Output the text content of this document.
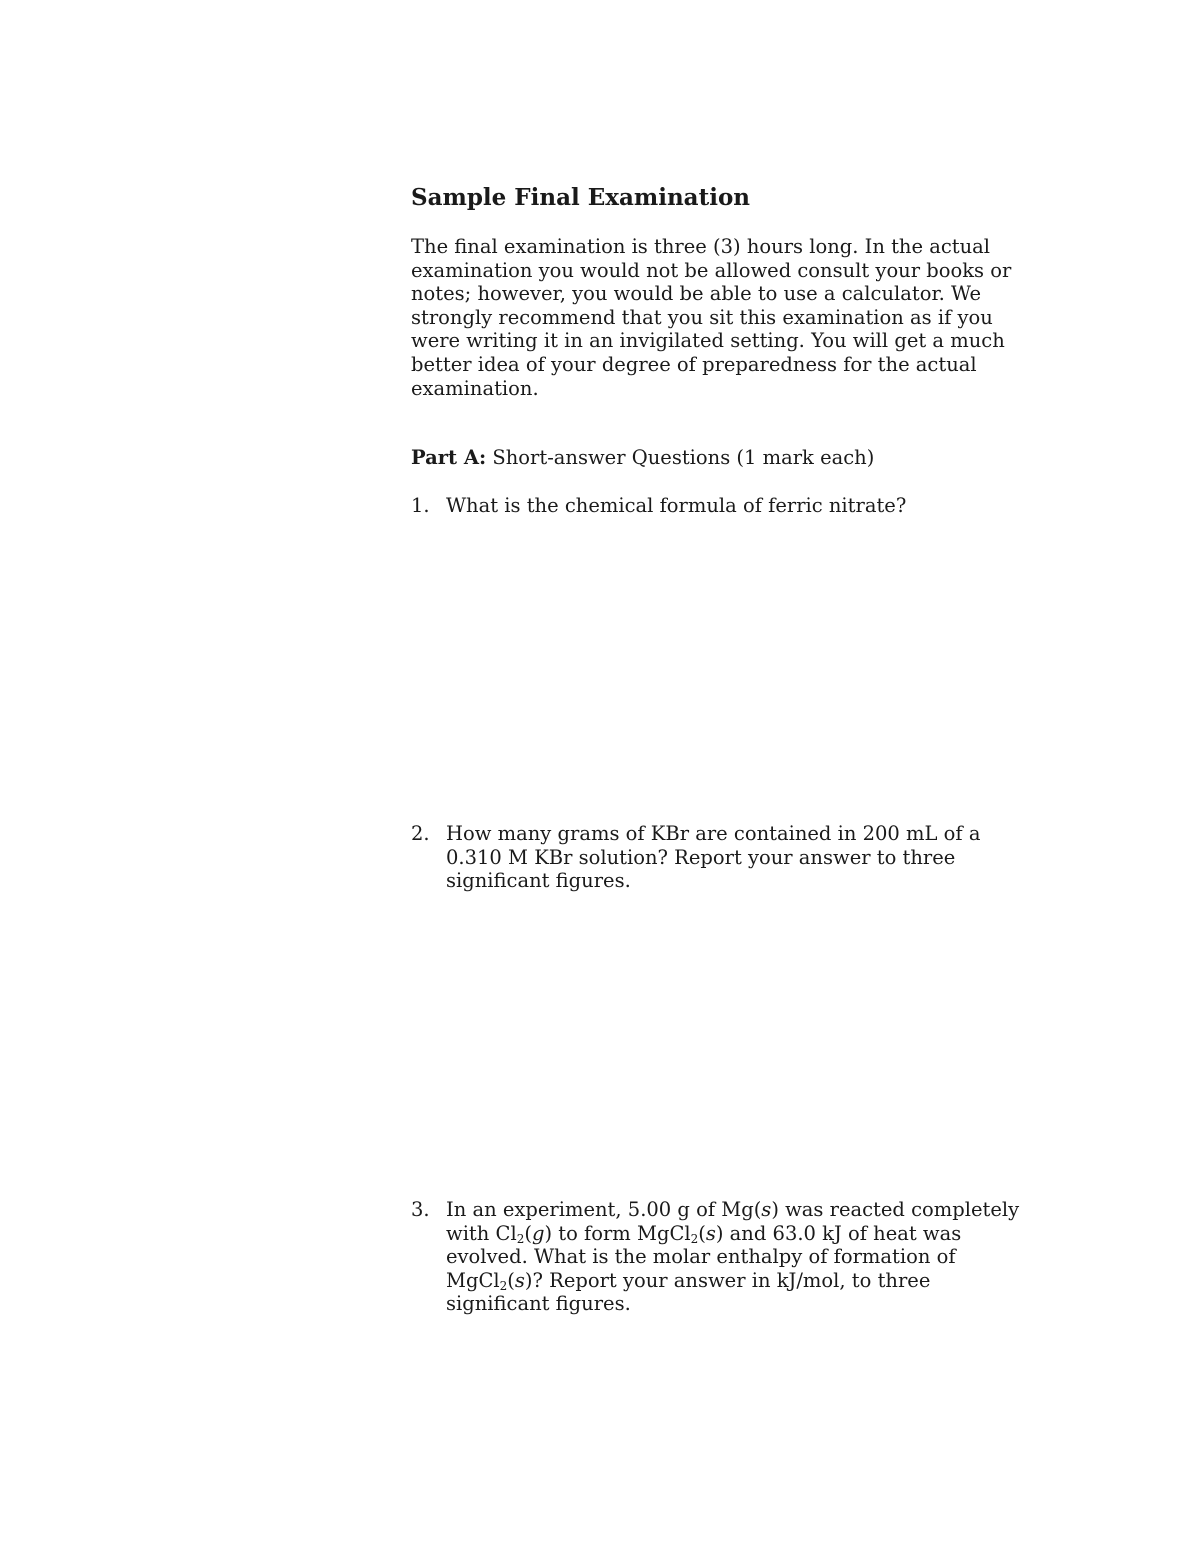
Sample Final Examination
The final examination is three (3) hours long. In the actual
examination you would not be allowed consult your books or
notes; however, you would be able to use a calculator. We
strongly recommend that you sit this examination as if you
were writing it in an invigilated setting. You will get a much
better idea of your degree of preparedness for the actual
examination.
Part A: Short-answer Questions (1 mark each)
1. What is the chemical formula of ferric nitrate?
2. How many grams of KBr are contained in 200 mL of a
0.310 M KBr solution? Report your answer to three
significant figures.
3. In an experiment, 5.00 g of Mg(s) was reacted completely
with $Cl_2(g)$ to form MgCl$_2$(s) and 63.0 kJ of heat was
evolved. What is the molar enthalpy of formation of
MgCl$_2$(s)? Report your answer in kJ/mol, to three
significant figures.
